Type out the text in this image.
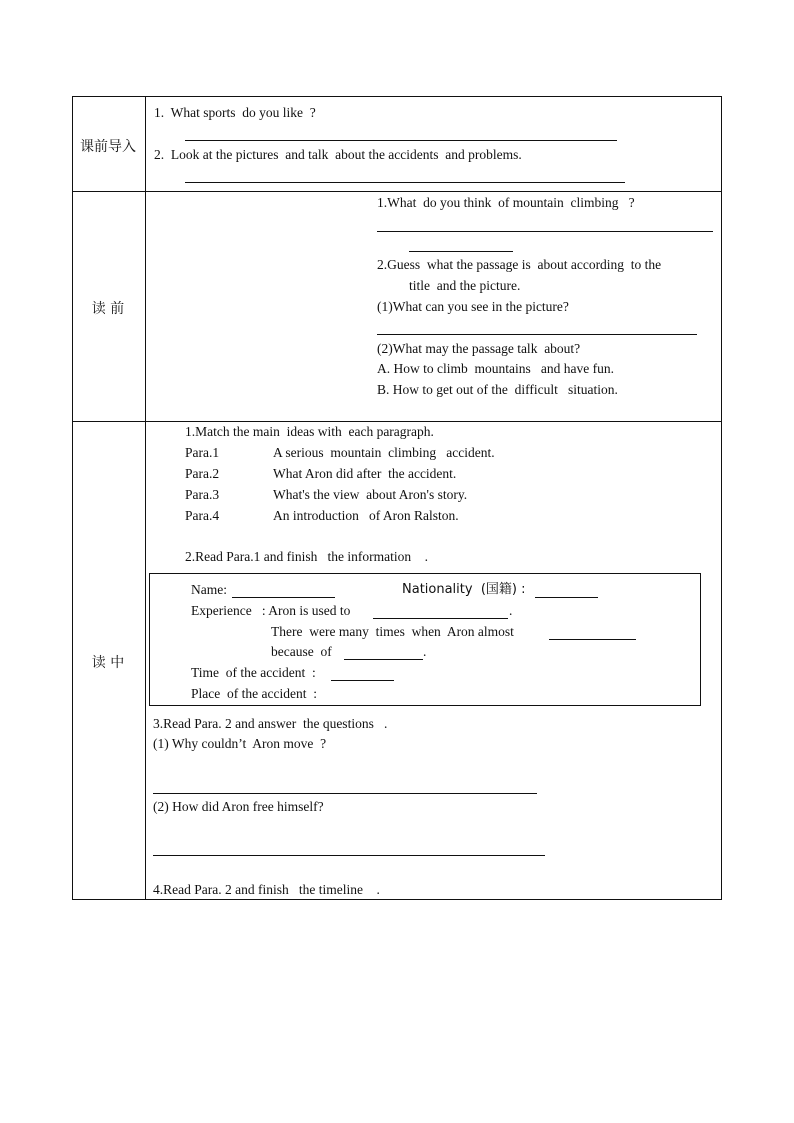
课前导入
1.  What sports  do you like  ?
2.  Look at the pictures  and talk  about the accidents  and problems.
读 前
1.What  do you think  of mountain  climbing   ?
2.Guess  what the passage is  about according  to the
title  and the picture.
(1)What can you see in the picture?
(2)What may the passage talk  about?
A. How to climb  mountains   and have fun.
B. How to get out of the  difficult   situation.
读 中
1.Match the main  ideas with  each paragraph.
Para.1	A serious  mountain  climbing   accident.
Para.2	What Aron did after  the accident.
Para.3	What's the view  about Aron's story.
Para.4	An introduction   of Aron Ralston.
2.Read Para.1 and finish   the information    .
Name:	Nationality  (国籍) :
Experience   : Aron is used to	.
There  were many  times  when  Aron almost
because  of	.
Time  of the accident  :
Place  of the accident  :
3.Read Para. 2 and answer  the questions   .
(1) Why couldn’t  Aron move  ?
(2) How did Aron free himself?
4.Read Para. 2 and finish   the timeline    .
